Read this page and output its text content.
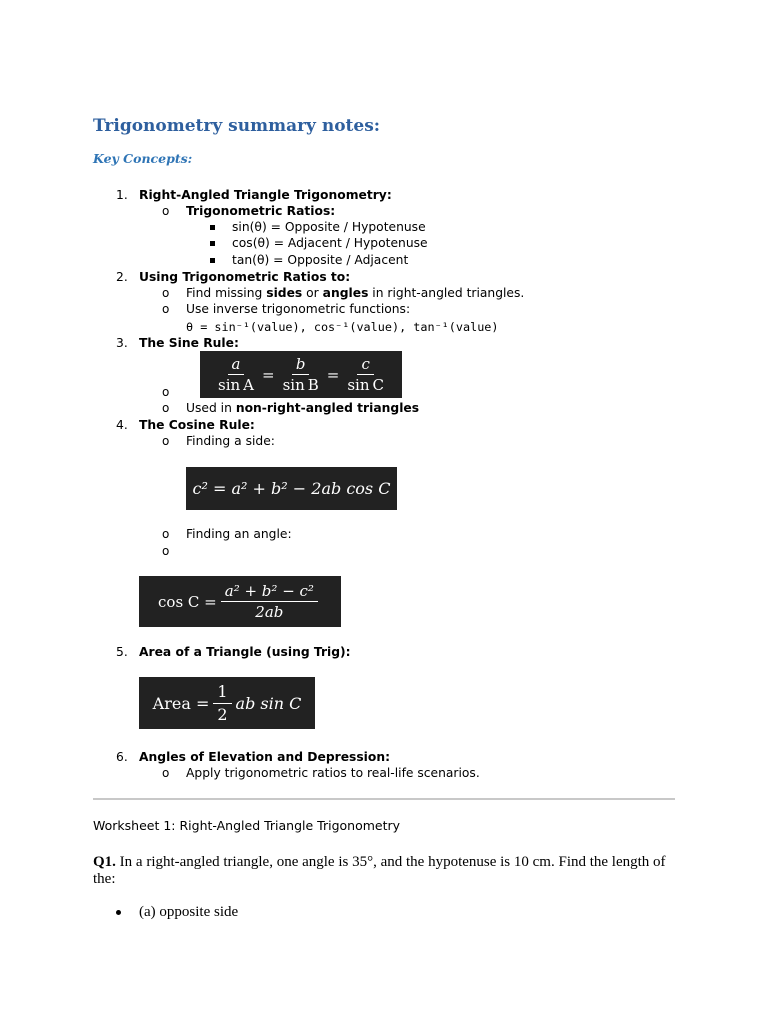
Trigonometry summary notes:
Key Concepts:
1. Right-Angled Triangle Trigonometry:
o Trigonometric Ratios:
sin(θ) = Opposite / Hypotenuse
cos(θ) = Adjacent / Hypotenuse
tan(θ) = Opposite / Adjacent
2. Using Trigonometric Ratios to:
o Find missing sides or angles in right-angled triangles.
o Use inverse trigonometric functions:
θ = sin⁻¹(value), cos⁻¹(value), tan⁻¹(value)
3. The Sine Rule:
$\frac{a}{\text{sin A}} = \frac{b}{\text{sin B}} = \frac{c}{\text{sin C}}$
o
o Used in non-right-angled triangles
4. The Cosine Rule:
o Finding a side:
c² = a² + b² − 2ab cos C
o Finding an angle:
o
$\cos C = \frac{\text{a² + b² − c²}}{2ab}$
5. Area of a Triangle (using Trig):
Area = $\frac{1}{2}$ ab sin C
6. Angles of Elevation and Depression:
o Apply trigonometric ratios to real-life scenarios.
Worksheet 1: Right-Angled Triangle Trigonometry
Q1. In a right-angled triangle, one angle is 35°, and the hypotenuse is 10 cm. Find the length of the:
(a) opposite side
